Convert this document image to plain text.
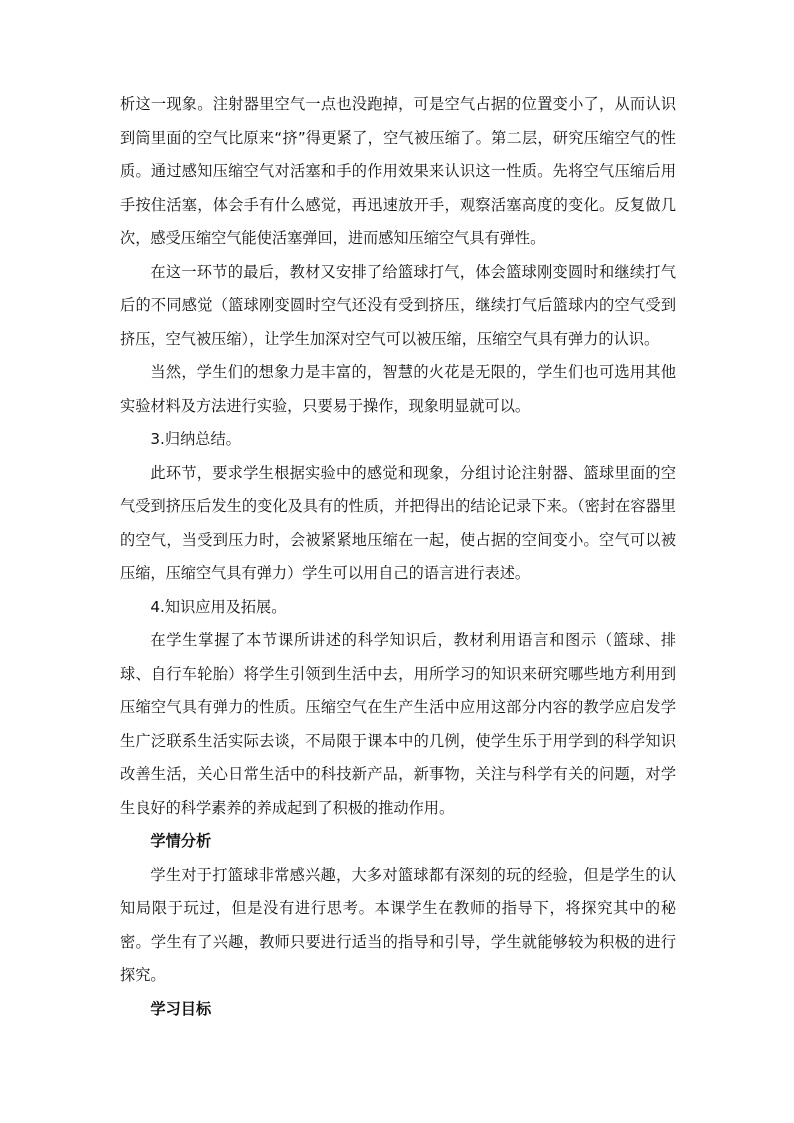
析这一现象。注射器里空气一点也没跑掉，可是空气占据的位置变小了，从而认识到筒里面的空气比原来“挤”得更紧了，空气被压缩了。第二层，研究压缩空气的性质。通过感知压缩空气对活塞和手的作用效果来认识这一性质。先将空气压缩后用手按住活塞，体会手有什么感觉，再迅速放开手，观察活塞高度的变化。反复做几次，感受压缩空气能使活塞弹回，进而感知压缩空气具有弹性。

在这一环节的最后，教材又安排了给篮球打气，体会篮球刚变圆时和继续打气后的不同感觉（篮球刚变圆时空气还没有受到挤压，继续打气后篮球内的空气受到挤压，空气被压缩），让学生加深对空气可以被压缩，压缩空气具有弹力的认识。

当然，学生们的想象力是丰富的，智慧的火花是无限的，学生们也可选用其他实验材料及方法进行实验，只要易于操作，现象明显就可以。

3.归纳总结。

此环节，要求学生根据实验中的感觉和现象，分组讨论注射器、篮球里面的空气受到挤压后发生的变化及具有的性质，并把得出的结论记录下来。（密封在容器里的空气，当受到压力时，会被紧紧地压缩在一起，使占据的空间变小。空气可以被压缩，压缩空气具有弹力）学生可以用自己的语言进行表述。

4.知识应用及拓展。

在学生掌握了本节课所讲述的科学知识后，教材利用语言和图示（篮球、排球、自行车轮胎）将学生引领到生活中去，用所学习的知识来研究哪些地方利用到压缩空气具有弹力的性质。压缩空气在生产生活中应用这部分内容的教学应启发学生广泛联系生活实际去谈，不局限于课本中的几例，使学生乐于用学到的科学知识改善生活，关心日常生活中的科技新产品，新事物，关注与科学有关的问题，对学生良好的科学素养的养成起到了积极的推动作用。

学情分析

学生对于打篮球非常感兴趣，大多对篮球都有深刻的玩的经验，但是学生的认知局限于玩过，但是没有进行思考。本课学生在教师的指导下，将探究其中的秘密。学生有了兴趣，教师只要进行适当的指导和引导，学生就能够较为积极的进行探究。

学习目标
